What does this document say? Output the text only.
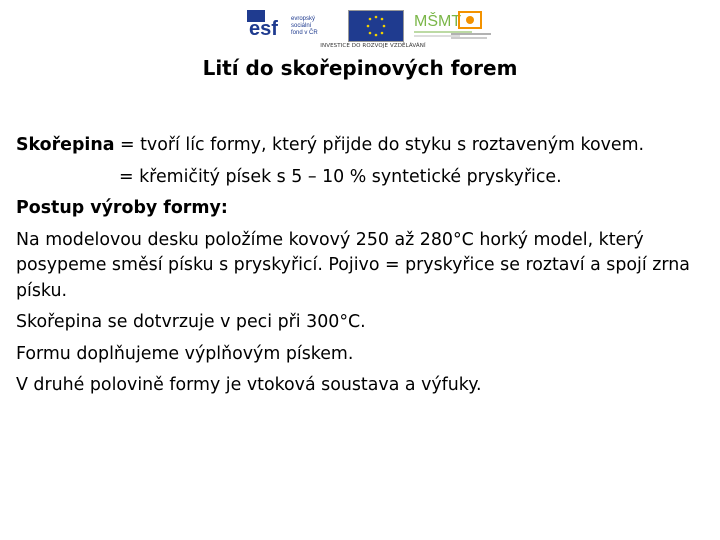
esf evropský
sociální
fond v ČR
MŠMT
INVESTICE DO ROZVOJE VZDĚLÁVÁNÍ
Lití do skořepinových forem

Skořepina = tvoří líc formy, který přijde do styku s roztaveným kovem.

= křemičitý písek s 5 – 10 % syntetické pryskyřice.

Postup výroby formy:

Na modelovou desku položíme kovový 250 až 280°C horký model, který posypeme směsí písku s pryskyřicí. Pojivo = pryskyřice se roztaví a spojí zrna písku.

Skořepina se dotvrzuje v peci při 300°C.

Formu doplňujeme výplňovým pískem.

V druhé polovině formy je vtoková soustava a výfuky.
